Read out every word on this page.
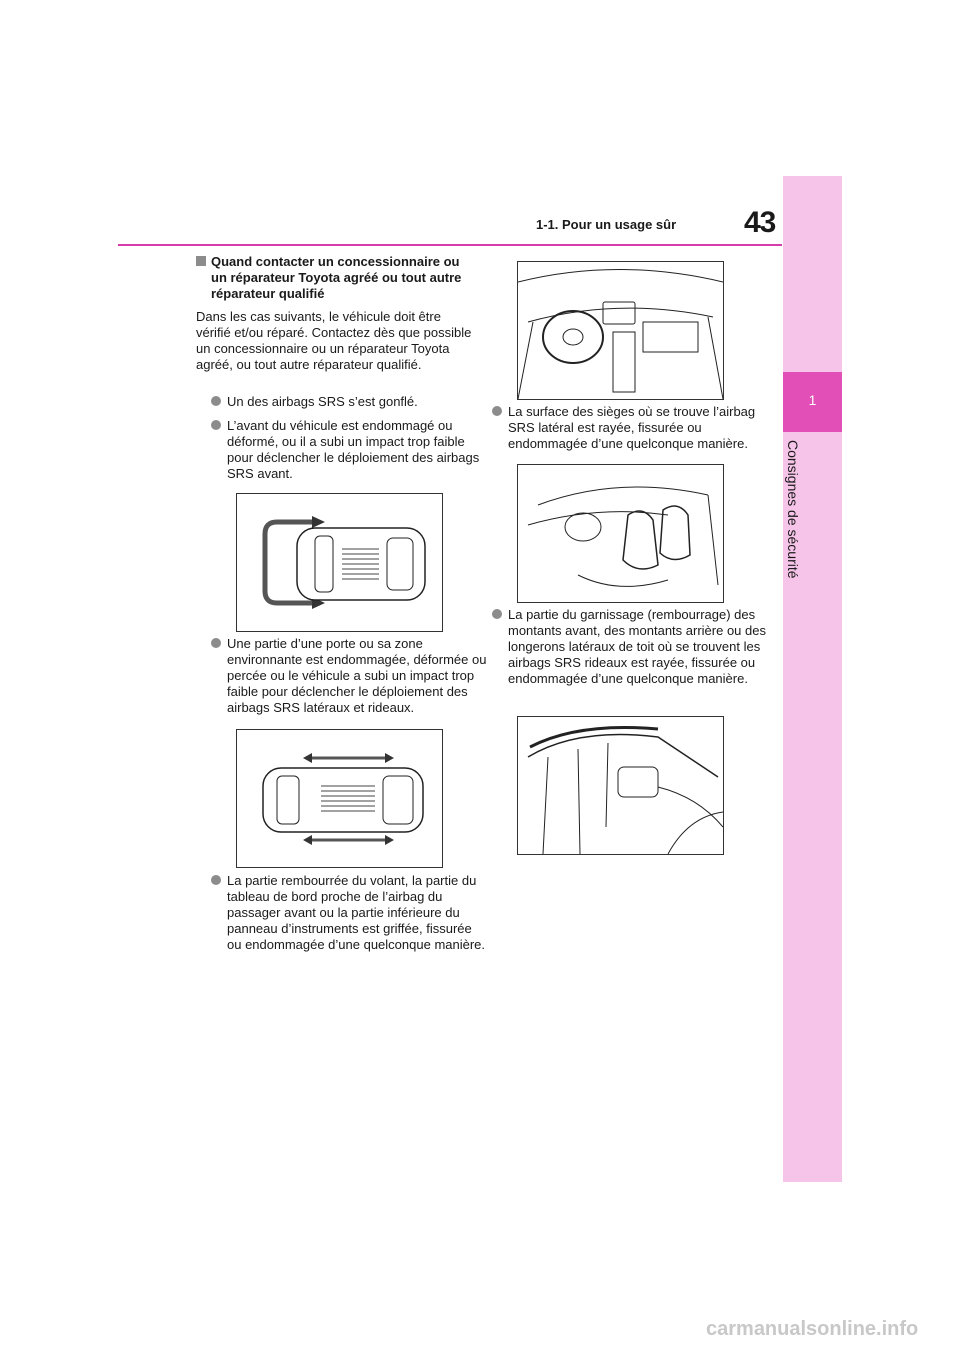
43
1-1. Pour un usage sûr
1
Consignes de sécurité
Quand contacter un concessionnaire ou un réparateur Toyota agréé ou tout autre réparateur qualifié
Dans les cas suivants, le véhicule doit être vérifié et/ou réparé. Contactez dès que possible un concessionnaire ou un réparateur Toyota agréé, ou tout autre réparateur qualifié.
Un des airbags SRS s’est gonflé.
L’avant du véhicule est endommagé ou déformé, ou il a subi un impact trop faible pour déclencher le déploiement des airbags SRS avant.
Une partie d’une porte ou sa zone environnante est endommagée, déformée ou percée ou le véhicule a subi un impact trop faible pour déclencher le déploiement des airbags SRS latéraux et rideaux.
La partie rembourrée du volant, la partie du tableau de bord proche de l’airbag du passager avant ou la partie inférieure du panneau d’instruments est griffée, fissurée ou endommagée d’une quelconque manière.
La surface des sièges où se trouve l’airbag SRS latéral est rayée, fissurée ou endommagée d’une quelconque manière.
La partie du garnissage (rembourrage) des montants avant, des montants arrière ou des longerons latéraux de toit où se trouvent les airbags SRS rideaux est rayée, fissurée ou endommagée d’une quelconque manière.
carmanualsonline.info
